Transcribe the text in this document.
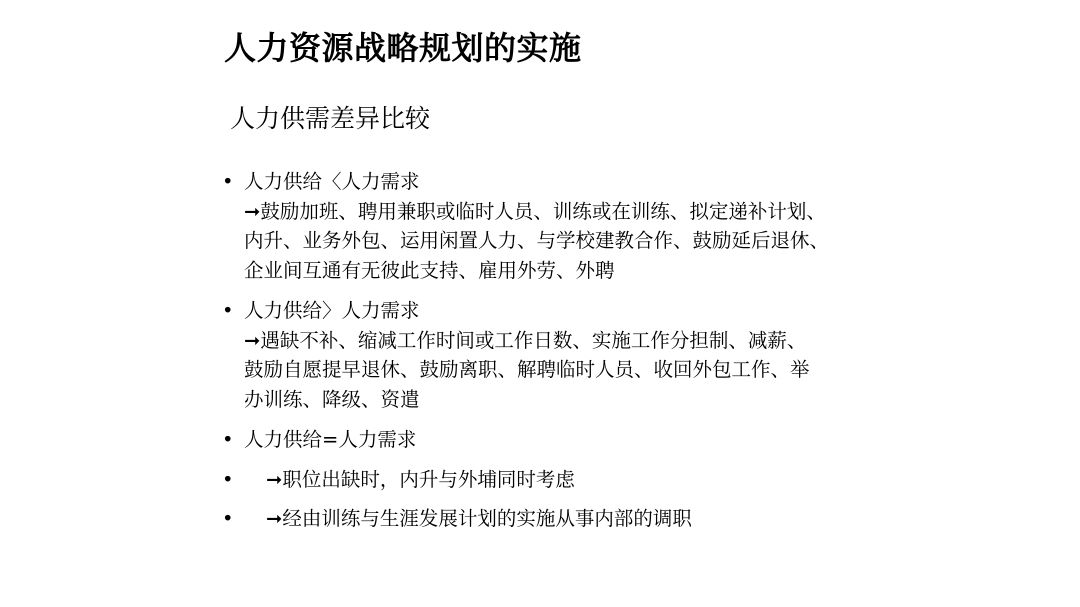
人力资源战略规划的实施
人力供需差异比较
• 人力供给〈人力需求
➞鼓励加班、聘用兼职或临时人员、训练或在训练、拟定递补计划、
内升、业务外包、运用闲置人力、与学校建教合作、鼓励延后退休、
企业间互通有无彼此支持、雇用外劳、外聘
• 人力供给〉人力需求
➞遇缺不补、缩减工作时间或工作日数、实施工作分担制、减薪、
鼓励自愿提早退休、鼓励离职、解聘临时人员、收回外包工作、举
办训练、降级、资遣
• 人力供给=人力需求
•	➞职位出缺时，内升与外埔同时考虑
•	➞经由训练与生涯发展计划的实施从事内部的调职
